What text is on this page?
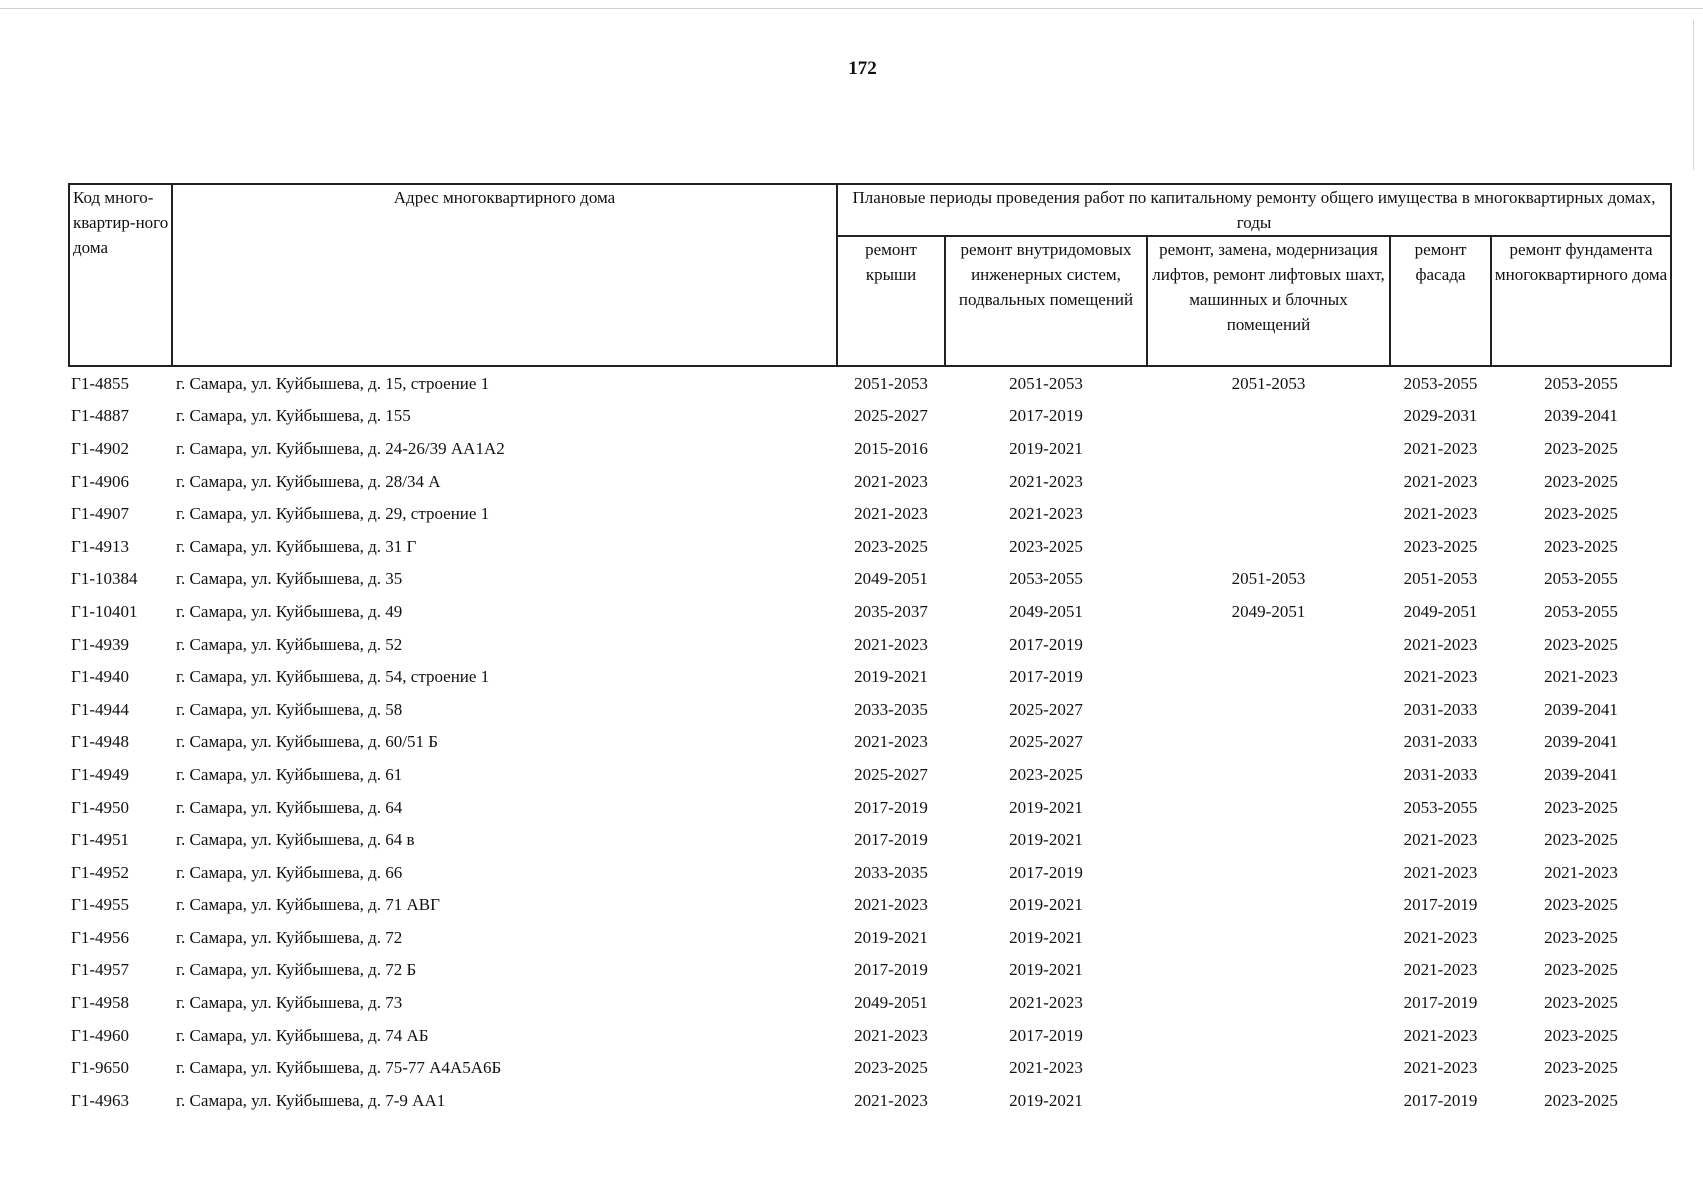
172
Код много-квартир-ного дома	Адрес многоквартирного дома	Плановые периоды проведения работ по капитальному ремонту общего имущества в многоквартирных домах, годы				
		ремонт крыши	ремонт внутридомовых инженерных систем, подвальных помещений	ремонт, замена, модернизация лифтов, ремонт лифтовых шахт, машинных и блочных помещений	ремонт фасада	ремонт фундамента многоквартирного дома
Г1-4855	г. Самара, ул. Куйбышева, д. 15, строение 1	2051-2053	2051-2053	2051-2053	2053-2055	2053-2055
Г1-4887	г. Самара, ул. Куйбышева, д. 155	2025-2027	2017-2019		2029-2031	2039-2041
Г1-4902	г. Самара, ул. Куйбышева, д. 24-26/39 АА1А2	2015-2016	2019-2021		2021-2023	2023-2025
Г1-4906	г. Самара, ул. Куйбышева, д. 28/34 А	2021-2023	2021-2023		2021-2023	2023-2025
Г1-4907	г. Самара, ул. Куйбышева, д. 29, строение 1	2021-2023	2021-2023		2021-2023	2023-2025
Г1-4913	г. Самара, ул. Куйбышева, д. 31 Г	2023-2025	2023-2025		2023-2025	2023-2025
Г1-10384	г. Самара, ул. Куйбышева, д. 35	2049-2051	2053-2055	2051-2053	2051-2053	2053-2055
Г1-10401	г. Самара, ул. Куйбышева, д. 49	2035-2037	2049-2051	2049-2051	2049-2051	2053-2055
Г1-4939	г. Самара, ул. Куйбышева, д. 52	2021-2023	2017-2019		2021-2023	2023-2025
Г1-4940	г. Самара, ул. Куйбышева, д. 54, строение 1	2019-2021	2017-2019		2021-2023	2021-2023
Г1-4944	г. Самара, ул. Куйбышева, д. 58	2033-2035	2025-2027		2031-2033	2039-2041
Г1-4948	г. Самара, ул. Куйбышева, д. 60/51 Б	2021-2023	2025-2027		2031-2033	2039-2041
Г1-4949	г. Самара, ул. Куйбышева, д. 61	2025-2027	2023-2025		2031-2033	2039-2041
Г1-4950	г. Самара, ул. Куйбышева, д. 64	2017-2019	2019-2021		2053-2055	2023-2025
Г1-4951	г. Самара, ул. Куйбышева, д. 64 в	2017-2019	2019-2021		2021-2023	2023-2025
Г1-4952	г. Самара, ул. Куйбышева, д. 66	2033-2035	2017-2019		2021-2023	2021-2023
Г1-4955	г. Самара, ул. Куйбышева, д. 71 АВГ	2021-2023	2019-2021		2017-2019	2023-2025
Г1-4956	г. Самара, ул. Куйбышева, д. 72	2019-2021	2019-2021		2021-2023	2023-2025
Г1-4957	г. Самара, ул. Куйбышева, д. 72 Б	2017-2019	2019-2021		2021-2023	2023-2025
Г1-4958	г. Самара, ул. Куйбышева, д. 73	2049-2051	2021-2023		2017-2019	2023-2025
Г1-4960	г. Самара, ул. Куйбышева, д. 74 АБ	2021-2023	2017-2019		2021-2023	2023-2025
Г1-9650	г. Самара, ул. Куйбышева, д. 75-77 А4А5А6Б	2023-2025	2021-2023		2021-2023	2023-2025
Г1-4963	г. Самара, ул. Куйбышева, д. 7-9 АА1	2021-2023	2019-2021		2017-2019	2023-2025
